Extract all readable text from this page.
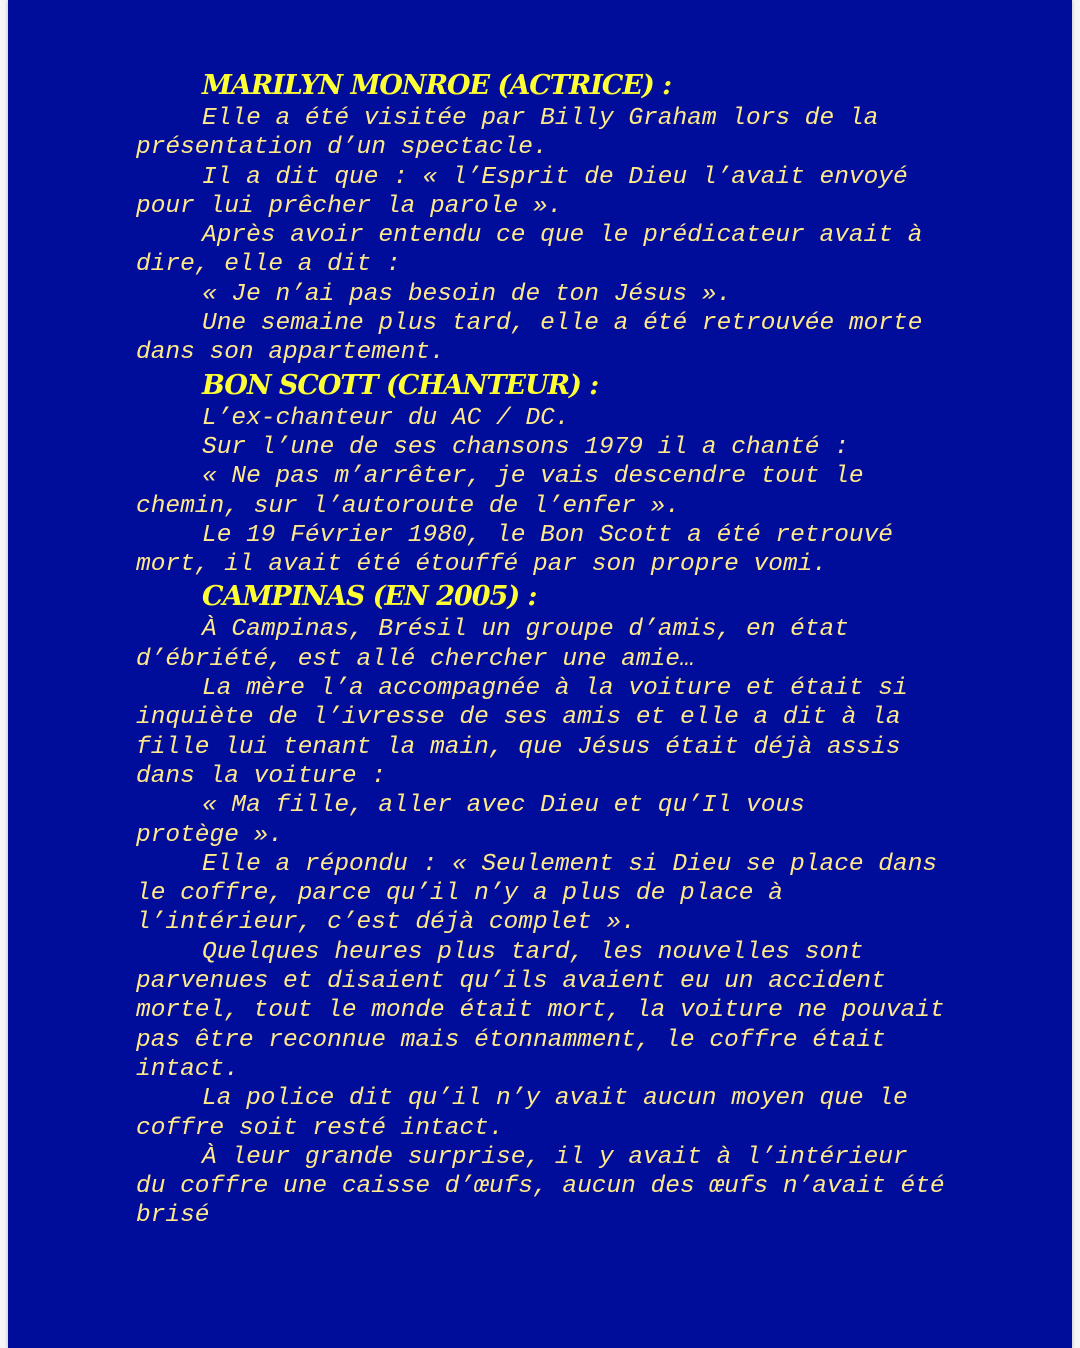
MARILYN MONROE (ACTRICE) :

Elle a été visitée par Billy Graham lors de la
présentation d’un spectacle.

Il a dit que : « l’Esprit de Dieu l’avait envoyé
pour lui prêcher la parole ».

Après avoir entendu ce que le prédicateur avait à
dire, elle a dit :

« Je n’ai pas besoin de ton Jésus ».

Une semaine plus tard, elle a été retrouvée morte
dans son appartement.

BON SCOTT (CHANTEUR) :

L’ex-chanteur du AC / DC.

Sur l’une de ses chansons 1979 il a chanté :

« Ne pas m’arrêter, je vais descendre tout le
chemin, sur l’autoroute de l’enfer ».

Le 19 Février 1980, le Bon Scott a été retrouvé
mort, il avait été étouffé par son propre vomi.

CAMPINAS (EN 2005) :

À Campinas, Brésil un groupe d’amis, en état
d’ébriété, est allé chercher une amie…

La mère l’a accompagnée à la voiture et était si
inquiète de l’ivresse de ses amis et elle a dit à la
fille lui tenant la main, que Jésus était déjà assis
dans la voiture :

« Ma fille, aller avec Dieu et qu’Il vous
protège ».

Elle a répondu : « Seulement si Dieu se place dans
le coffre, parce qu’il n’y a plus de place à
l’intérieur, c’est déjà complet ».

Quelques heures plus tard, les nouvelles sont
parvenues et disaient qu’ils avaient eu un accident
mortel, tout le monde était mort, la voiture ne pouvait
pas être reconnue mais étonnamment, le coffre était
intact.

La police dit qu’il n’y avait aucun moyen que le
coffre soit resté intact.

À leur grande surprise, il y avait à l’intérieur
du coffre une caisse d’œufs, aucun des œufs n’avait été
brisé
